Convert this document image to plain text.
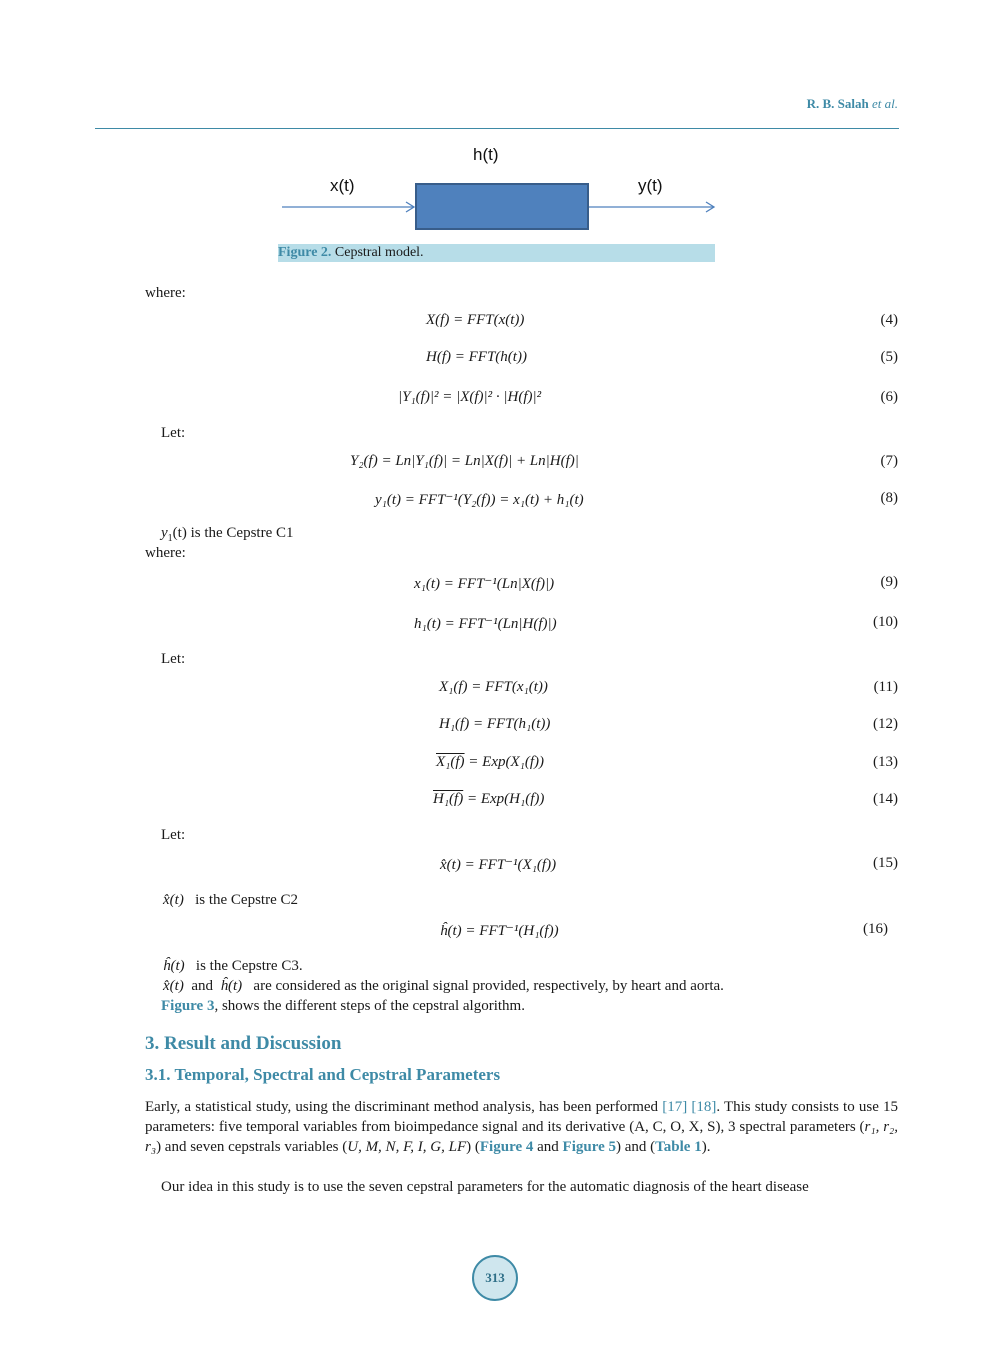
R. B. Salah et al.
h(t)
x(t)	y(t)
Figure 2. Cepstral model.
where:
X(f) = FFT(x(t))	(4)
H(f) = FFT(h(t))	(5)
|Y₁(f)|² = |X(f)|² · |H(f)|²	(6)
Let:
Y₂(f) = Ln|Y₁(f)| = Ln|X(f)| + Ln|H(f)|	(7)
y₁(t) = FFT⁻¹(Y₂(f)) = x₁(t) + h₁(t)	(8)
$y_1(t)$ is the Cepstre C1
where:
x₁(t) = FFT⁻¹(Ln|X(f)|)	(9)
h₁(t) = FFT⁻¹(Ln|H(f)|)	(10)
Let:
X₁(f) = FFT(x₁(t))	(11)
H₁(f) = FFT(h₁(t))	(12)
X₁(f) = Exp(X₁(f))	(13)
H₁(f) = Exp(H₁(f))	(14)
Let:
x̂(t) = FFT⁻¹(X₁(f))	(15)
x̂(t) is the Cepstre C2
ĥ(t) = FFT⁻¹(H₁(f))	(16)
ĥ(t) is the Cepstre C3.
x̂(t) and ĥ(t) are considered as the original signal provided, respectively, by heart and aorta.
Figure 3, shows the different steps of the cepstral algorithm.
3. Result and Discussion
3.1. Temporal, Spectral and Cepstral Parameters
Early, a statistical study, using the discriminant method analysis, has been performed [17] [18]. This study consists to use 15 parameters: five temporal variables from bioimpedance signal and its derivative (A, C, O, X, S), 3 spectral parameters (r₁, r₂, r₃) and seven cepstrals variables (U, M, N, F, I, G, LF) (Figure 4 and Figure 5) and (Table 1).
Our idea in this study is to use the seven cepstral parameters for the automatic diagnosis of the heart disease
313
